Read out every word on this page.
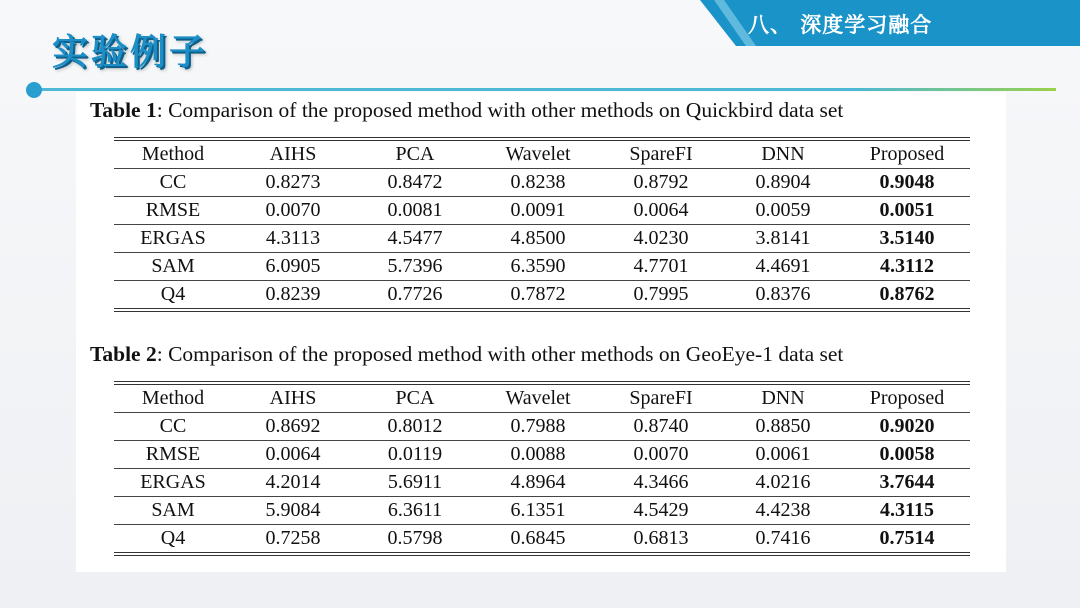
八、 深度学习融合
实验例子
Table 1: Comparison of the proposed method with other methods on Quickbird data set
Method	AIHS	PCA	Wavelet	SpareFI	DNN	Proposed
CC	0.8273	0.8472	0.8238	0.8792	0.8904	0.9048
RMSE	0.0070	0.0081	0.0091	0.0064	0.0059	0.0051
ERGAS	4.3113	4.5477	4.8500	4.0230	3.8141	3.5140
SAM	6.0905	5.7396	6.3590	4.7701	4.4691	4.3112
Q4	0.8239	0.7726	0.7872	0.7995	0.8376	0.8762
Table 2: Comparison of the proposed method with other methods on GeoEye-1 data set
Method	AIHS	PCA	Wavelet	SpareFI	DNN	Proposed
CC	0.8692	0.8012	0.7988	0.8740	0.8850	0.9020
RMSE	0.0064	0.0119	0.0088	0.0070	0.0061	0.0058
ERGAS	4.2014	5.6911	4.8964	4.3466	4.0216	3.7644
SAM	5.9084	6.3611	6.1351	4.5429	4.4238	4.3115
Q4	0.7258	0.5798	0.6845	0.6813	0.7416	0.7514
